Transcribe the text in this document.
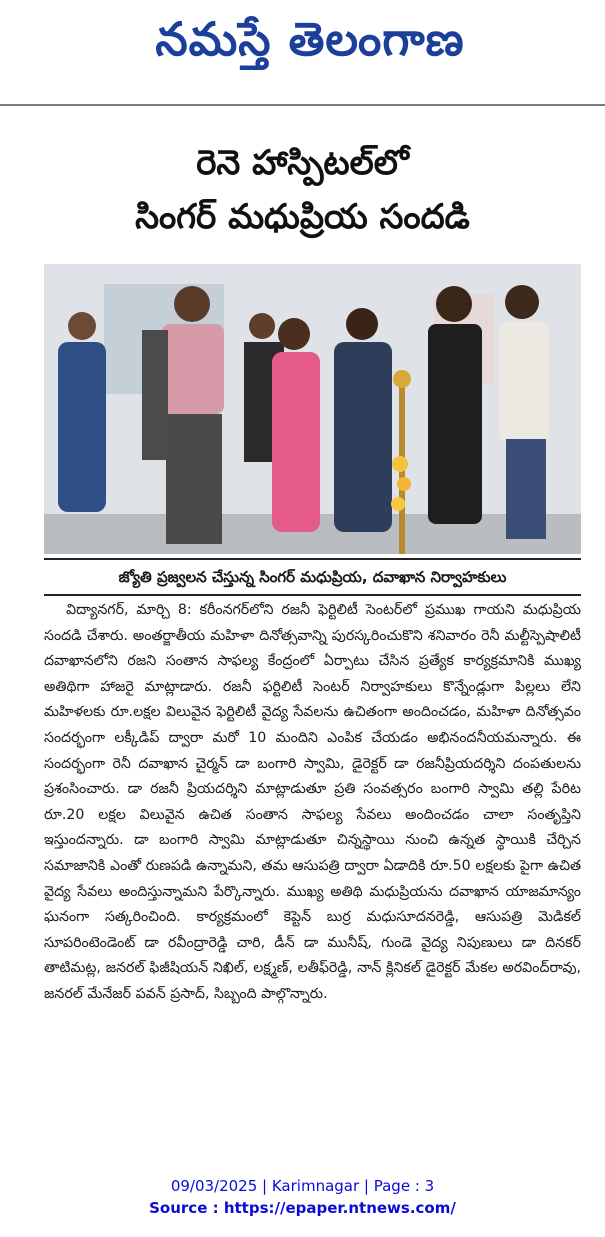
నమస్తే తెలంగాణ
రెనె హాస్పిటల్‌లో
సింగర్ మధుప్రియ సందడి
జ్యోతి ప్రజ్వలన చేస్తున్న సింగర్ మధుప్రియ, దవాఖాన నిర్వాహకులు

విద్యానగర్, మార్చి 8: కరీంనగర్‌లోని రజనీ ఫెర్టిలిటీ సెంటర్‌లో ప్రముఖ గాయని మధుప్రియ సందడి చేశారు. అంతర్జాతీయ మహిళా దినోత్సవాన్ని పురస్కరించుకొని శనివారం రెనీ మల్టీస్పెషాలిటీ దవాఖానలోని రజని సంతాన సాఫల్య కేంద్రంలో ఏర్పాటు చేసిన ప్రత్యేక కార్యక్రమానికి ముఖ్య అతిథిగా హాజరై మాట్లాడారు. రజనీ ఫర్టిలిటీ సెంటర్ నిర్వాహకులు కొన్నేండ్లుగా పిల్లలు లేని మహిళలకు రూ.లక్షల విలువైన ఫెర్టిలిటీ వైద్య సేవలను ఉచితంగా అందించడం, మహిళా దినోత్సవం సందర్భంగా లక్కీడిప్ ద్వారా మరో 10 మందిని ఎంపిక చేయడం అభినందనీయమన్నారు. ఈ సందర్భంగా రెనీ దవాఖాన చైర్మన్ డా బంగారి స్వామి, డైరెక్టర్ డా రజనీప్రియదర్శిని దంపతులను ప్రశంసించారు. డా రజనీ ప్రియదర్శిని మాట్లాడుతూ ప్రతి సంవత్సరం బంగారి స్వామి తల్లి పేరిట రూ.20 లక్షల విలువైన ఉచిత సంతాన సాఫల్య సేవలు అందించడం చాలా సంతృప్తిని ఇస్తుందన్నారు. డా బంగారి స్వామి మాట్లాడుతూ చిన్నస్థాయి నుంచి ఉన్నత స్థాయికి చేర్చిన సమాజానికి ఎంతో రుణపడి ఉన్నామని, తమ ఆసుపత్రి ద్వారా ఏడాదికి రూ.50 లక్షలకు పైగా ఉచిత వైద్య సేవలు అందిస్తున్నామని పేర్కొన్నారు. ముఖ్య అతిథి మధుప్రియను దవాఖాన యాజమాన్యం ఘనంగా సత్కరించింది. కార్యక్రమంలో కెప్టెన్ బుర్ర మధుసూదనరెడ్డి, ఆసుపత్రి మెడికల్ సూపరింటెండెంట్ డా రవీంద్రారెడ్డి చారి, డీన్ డా మునీష్, గుండె వైద్య నిపుణులు డా దినకర్ తాటిమట్ల, జనరల్ ఫిజీషియన్ నిఖిల్, లక్ష్మణ్, లతీఫ్‌రెడ్డి, నాన్ క్లినికల్ డైరెక్టర్ మేకల అరవింద్‌రావు, జనరల్ మేనేజర్ పవన్ ప్రసాద్, సిబ్బంది పాల్గొన్నారు.

09/03/2025 | Karimnagar | Page : 3
Source : https://epaper.ntnews.com/
